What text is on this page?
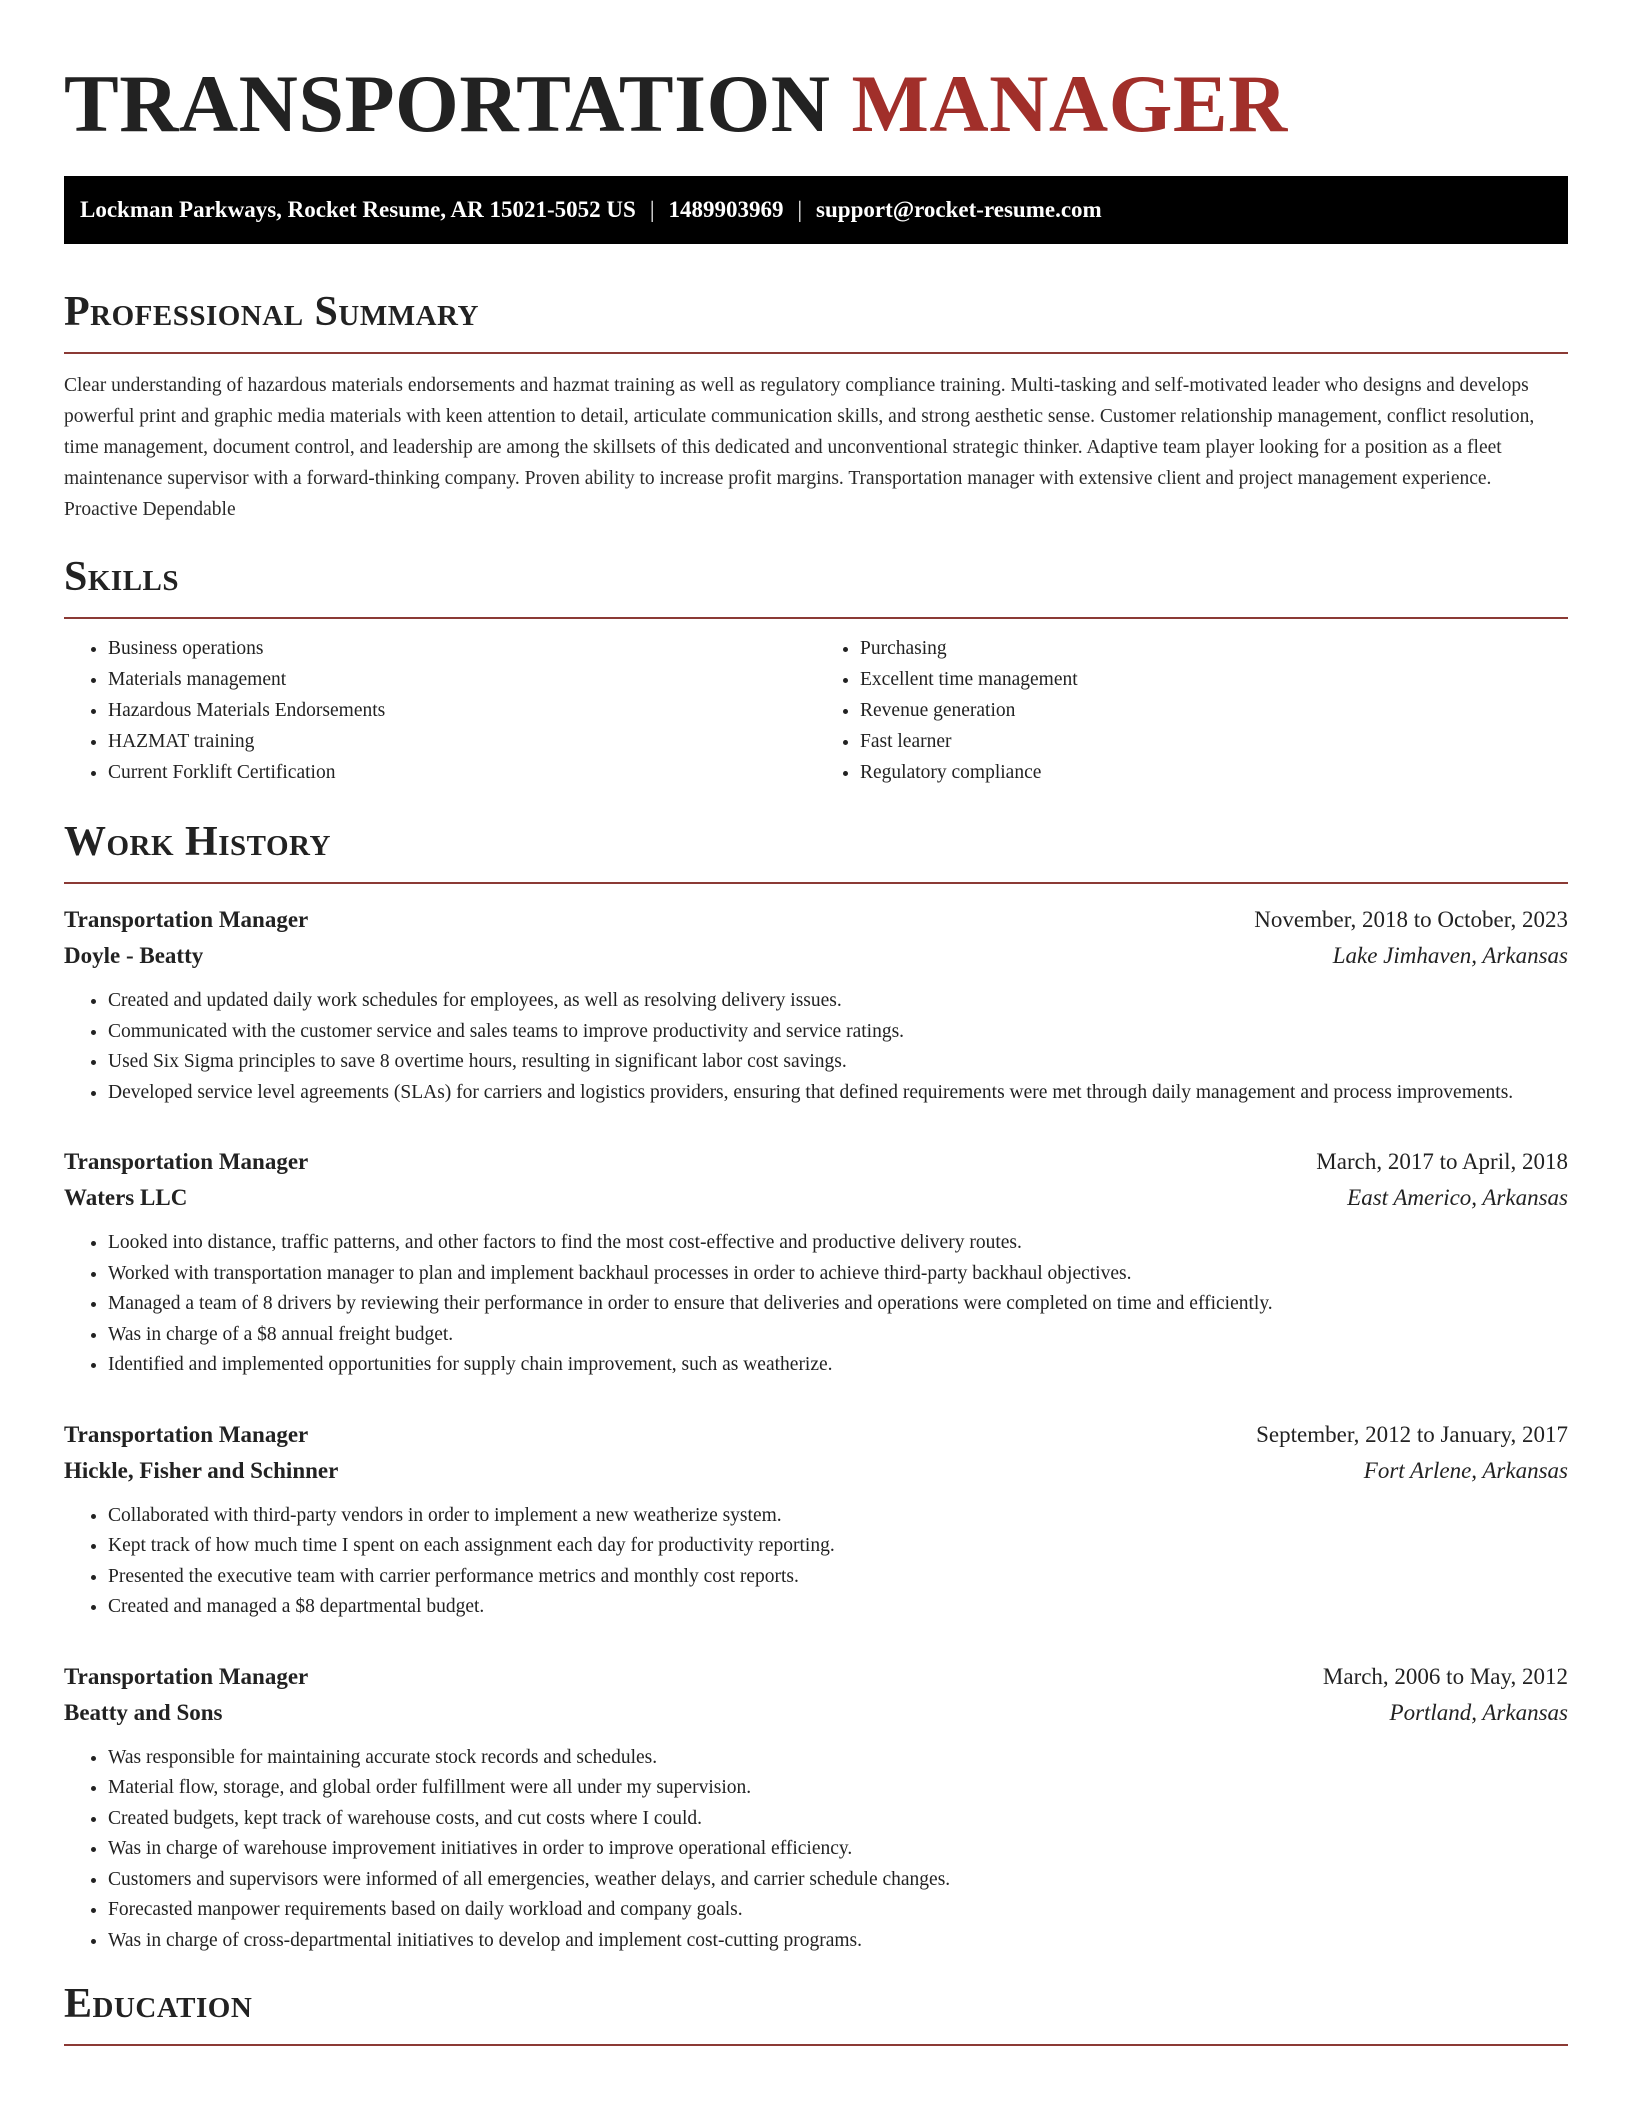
TRANSPORTATION MANAGER
Lockman Parkways, Rocket Resume, AR 15021-5052 US | 1489903969 | support@rocket-resume.com
Professional Summary

Clear understanding of hazardous materials endorsements and hazmat training as well as regulatory compliance training. Multi-tasking and self-motivated leader who designs and develops powerful print and graphic media materials with keen attention to detail, articulate communication skills, and strong aesthetic sense. Customer relationship management, conflict resolution, time management, document control, and leadership are among the skillsets of this dedicated and unconventional strategic thinker. Adaptive team player looking for a position as a fleet maintenance supervisor with a forward-thinking company. Proven ability to increase profit margins. Transportation manager with extensive client and project management experience. Proactive Dependable

Skills
• Business operations
• Materials management
• Hazardous Materials Endorsements
• HAZMAT training
• Current Forklift Certification
• Purchasing
• Excellent time management
• Revenue generation
• Fast learner
• Regulatory compliance
Work History
Transportation Manager	November, 2018 to October, 2023
Doyle - Beatty	Lake Jimhaven, Arkansas
• Created and updated daily work schedules for employees, as well as resolving delivery issues.
• Communicated with the customer service and sales teams to improve productivity and service ratings.
• Used Six Sigma principles to save 8 overtime hours, resulting in significant labor cost savings.
• Developed service level agreements (SLAs) for carriers and logistics providers, ensuring that defined requirements were met through daily management and process improvements.
Transportation Manager	March, 2017 to April, 2018
Waters LLC	East Americo, Arkansas
• Looked into distance, traffic patterns, and other factors to find the most cost-effective and productive delivery routes.
• Worked with transportation manager to plan and implement backhaul processes in order to achieve third-party backhaul objectives.
• Managed a team of 8 drivers by reviewing their performance in order to ensure that deliveries and operations were completed on time and efficiently.
• Was in charge of a $8 annual freight budget.
• Identified and implemented opportunities for supply chain improvement, such as weatherize.
Transportation Manager	September, 2012 to January, 2017
Hickle, Fisher and Schinner	Fort Arlene, Arkansas
• Collaborated with third-party vendors in order to implement a new weatherize system.
• Kept track of how much time I spent on each assignment each day for productivity reporting.
• Presented the executive team with carrier performance metrics and monthly cost reports.
• Created and managed a $8 departmental budget.
Transportation Manager	March, 2006 to May, 2012
Beatty and Sons	Portland, Arkansas
• Was responsible for maintaining accurate stock records and schedules.
• Material flow, storage, and global order fulfillment were all under my supervision.
• Created budgets, kept track of warehouse costs, and cut costs where I could.
• Was in charge of warehouse improvement initiatives in order to improve operational efficiency.
• Customers and supervisors were informed of all emergencies, weather delays, and carrier schedule changes.
• Forecasted manpower requirements based on daily workload and company goals.
• Was in charge of cross-departmental initiatives to develop and implement cost-cutting programs.
Education
